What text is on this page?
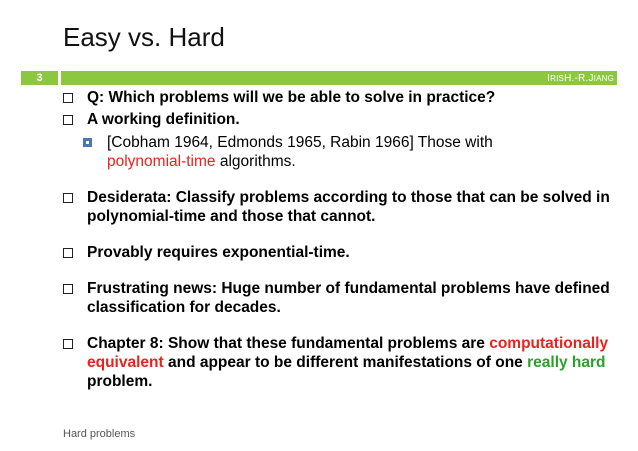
Easy vs. Hard
3	I RIS H.-R. J IANG
Q: Which problems will we be able to solve in practice?
A working definition.
[Cobham 1964, Edmonds 1965, Rabin 1966] Those with
polynomial-time algorithms.
Desiderata: Classify problems according to those that can be solved in polynomial-time and those that cannot.
Provably requires exponential-time.
Frustrating news: Huge number of fundamental problems have defined classification for decades.
Chapter 8: Show that these fundamental problems are computationally equivalent and appear to be different manifestations of one really hard problem.
Hard problems
